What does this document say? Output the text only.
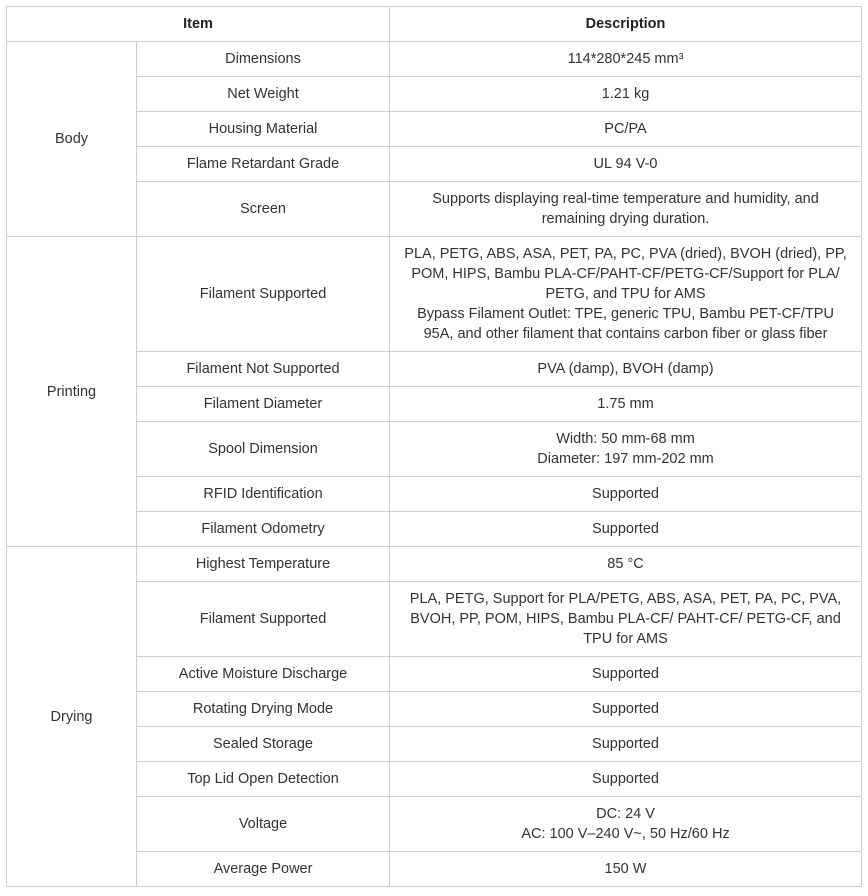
Item		Description
Body	Dimensions	114*280*245 mm³

	Net Weight	1.21 kg

	Housing Material	PC/PA

	Flame Retardant Grade	UL 94 V-0

	Screen	Supports displaying real-time temperature and humidity, and
remaining drying duration.

Printing	Filament Supported	PLA, PETG, ABS, ASA, PET, PA, PC, PVA (dried), BVOH (dried), PP,
POM, HIPS, Bambu PLA-CF/PAHT-CF/PETG-CF/Support for PLA/
PETG, and TPU for AMS
Bypass Filament Outlet: TPE, generic TPU, Bambu PET-CF/TPU
95A, and other filament that contains carbon fiber or glass fiber

	Filament Not Supported	PVA (damp), BVOH (damp)

	Filament Diameter	1.75 mm

	Spool Dimension	Width: 50 mm-68 mm
Diameter: 197 mm-202 mm

	RFID Identification	Supported

	Filament Odometry	Supported

Drying	Highest Temperature	85 °C

	Filament Supported	PLA, PETG, Support for PLA/PETG, ABS, ASA, PET, PA, PC, PVA,
BVOH, PP, POM, HIPS, Bambu PLA-CF/ PAHT-CF/ PETG-CF, and
TPU for AMS

	Active Moisture Discharge	Supported

	Rotating Drying Mode	Supported

	Sealed Storage	Supported

	Top Lid Open Detection	Supported

	Voltage	DC: 24 V
AC: 100 V–240 V~, 50 Hz/60 Hz

	Average Power	150 W
